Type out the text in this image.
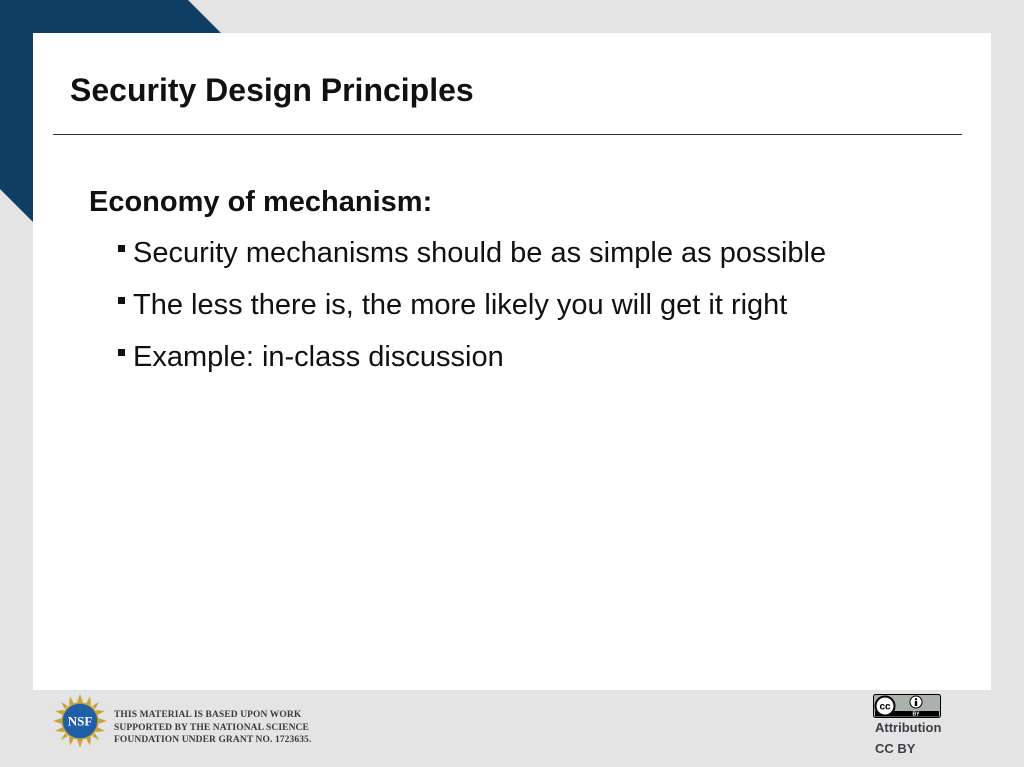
Security Design Principles
Economy of mechanism:
Security mechanisms should be as simple as possible
The less there is, the more likely you will get it right
Example: in-class discussion
NSF THIS MATERIAL IS BASED UPON WORK
SUPPORTED BY THE NATIONAL SCIENCE
FOUNDATION UNDER GRANT NO. 1723635.
cc
BY
Attribution
CC BY
